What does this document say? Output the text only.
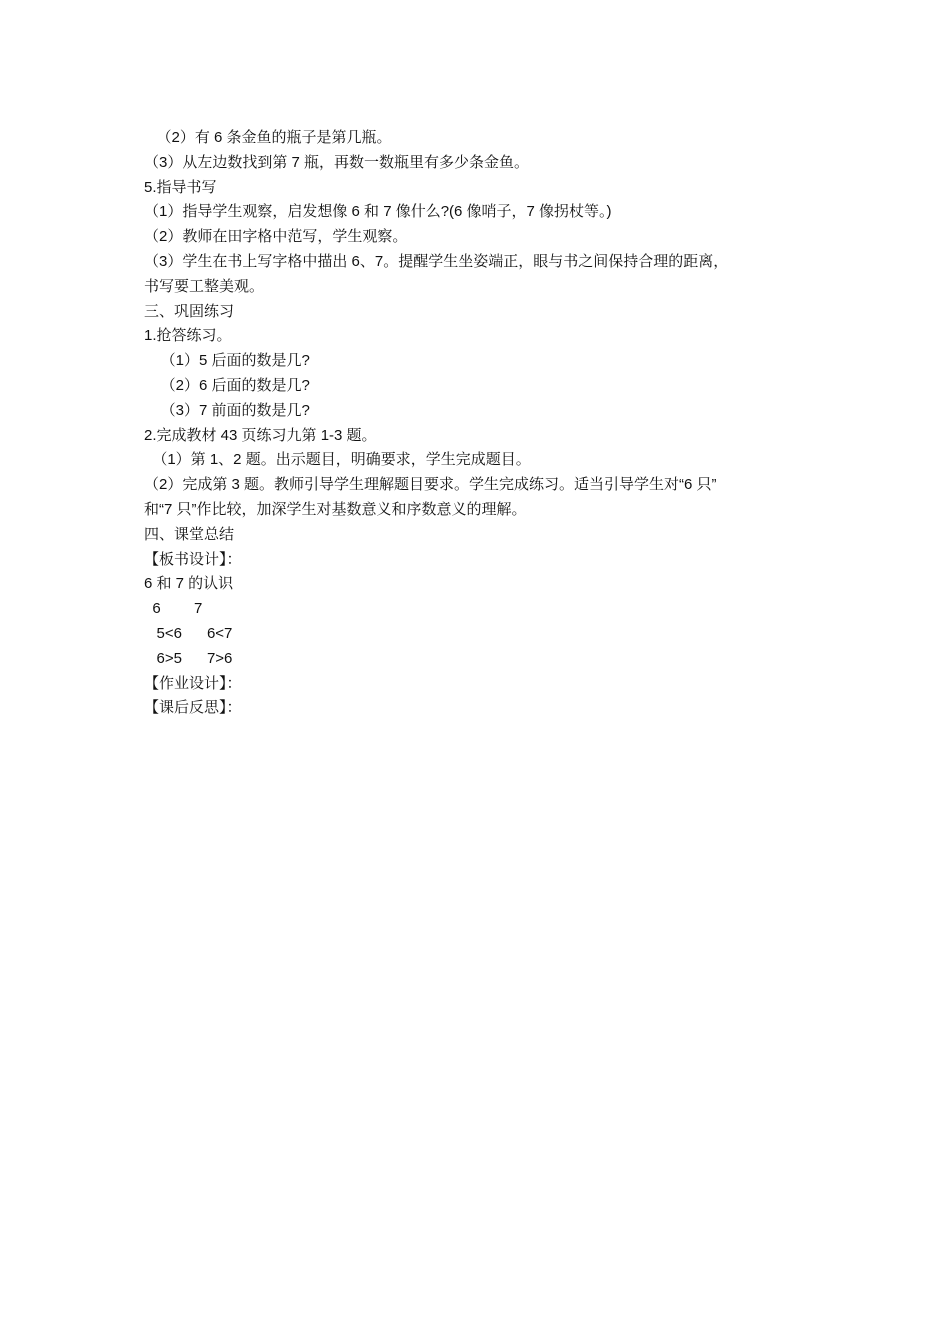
（2）有 6 条金鱼的瓶子是第几瓶。
（3）从左边数找到第 7 瓶，再数一数瓶里有多少条金鱼。
5.指导书写
（1）指导学生观察，启发想像 6 和 7 像什么?(6 像哨子，7 像拐杖等。)
（2）教师在田字格中范写，学生观察。
（3）学生在书上写字格中描出 6、7。提醒学生坐姿端正，眼与书之间保持合理的距离，
书写要工整美观。
三、巩固练习
1.抢答练习。
（1）5 后面的数是几?
（2）6 后面的数是几?
（3）7 前面的数是几?
2.完成教材 43 页练习九第 1-3 题。
（1）第 1、2 题。出示题目，明确要求，学生完成题目。
（2）完成第 3 题。教师引导学生理解题目要求。学生完成练习。适当引导学生对“6 只”
和“7 只”作比较，加深学生对基数意义和序数意义的理解。
四、课堂总结
【板书设计】：
6 和 7 的认识
6        7
5<6      6<7
6>5      7>6
【作业设计】：
【课后反思】：
